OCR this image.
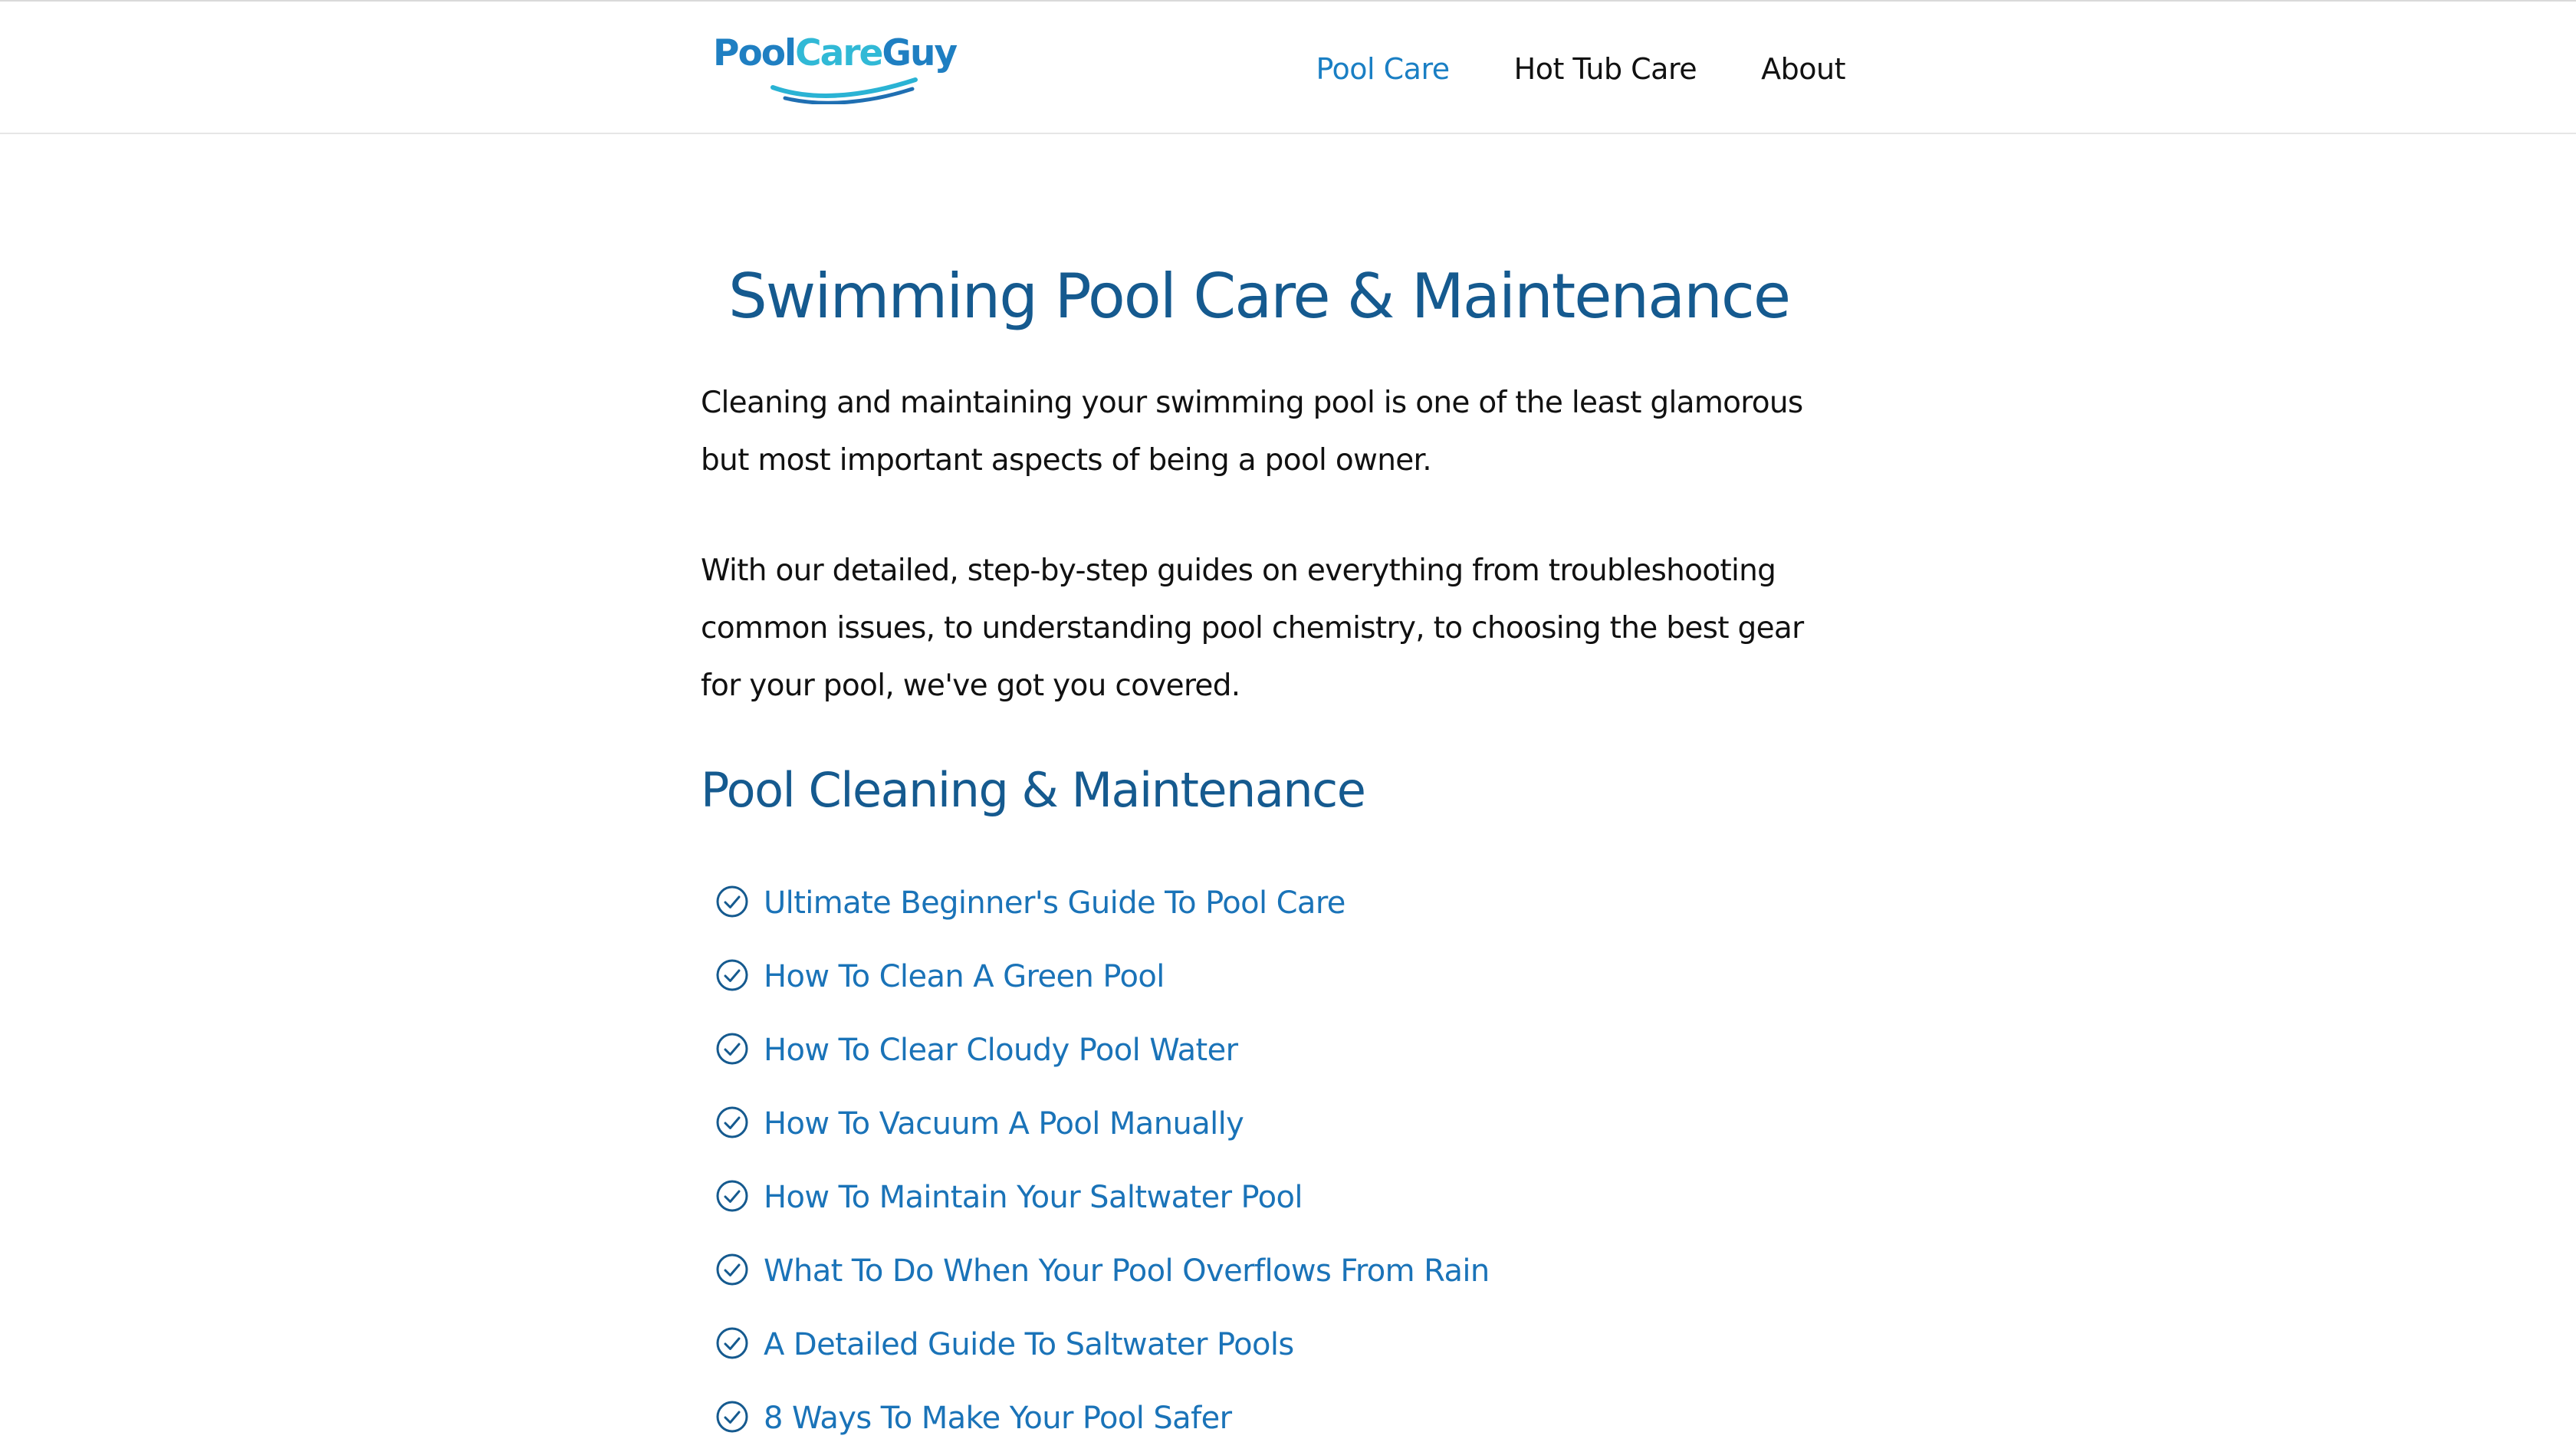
PoolCareGuy	Pool Care Hot Tub Care About
Swimming Pool Care & Maintenance

Cleaning and maintaining your swimming pool is one of the least glamorous but most important aspects of being a pool owner.

With our detailed, step-by-step guides on everything from troubleshooting common issues, to understanding pool chemistry, to choosing the best gear for your pool, we've got you covered.

Pool Cleaning & Maintenance
Ultimate Beginner's Guide To Pool Care
How To Clean A Green Pool
How To Clear Cloudy Pool Water
How To Vacuum A Pool Manually
How To Maintain Your Saltwater Pool
What To Do When Your Pool Overflows From Rain
A Detailed Guide To Saltwater Pools
8 Ways To Make Your Pool Safer
